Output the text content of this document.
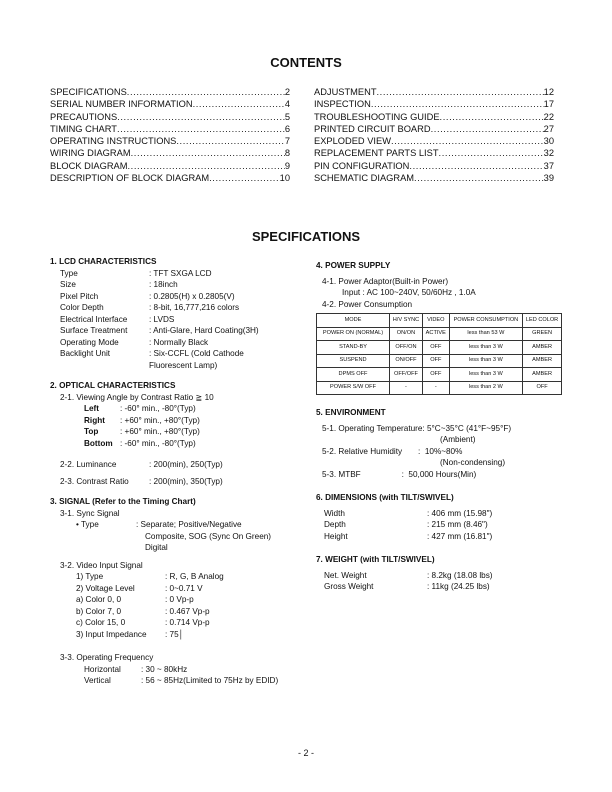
CONTENTS
SPECIFICATIONS .....	2
SERIAL NUMBER INFORMATION .....	4
PRECAUTIONS .....	5
TIMING CHART .....	6
OPERATING INSTRUCTIONS .....	7
WIRING DIAGRAM .....	8
BLOCK DIAGRAM .....	9
DESCRIPTION OF BLOCK DIAGRAM .....	10
ADJUSTMENT .....	12
INSPECTION .....	17
TROUBLESHOOTING GUIDE .....	22
PRINTED CIRCUIT BOARD .....	27
EXPLODED VIEW .....	30
REPLACEMENT PARTS LIST .....	32
PIN CONFIGURATION .....	37
SCHEMATIC DIAGRAM .....	39
SPECIFICATIONS
1. LCD CHARACTERISTICS
Type	: TFT SXGA LCD
Size	: 18inch
Pixel Pitch	: 0.2805(H) x 0.2805(V)
Color Depth	: 8-bit, 16,777,216 colors
Electrical Interface	: LVDS
Surface Treatment	: Anti-Glare, Hard Coating(3H)
Operating Mode	: Normally Black
Backlight Unit	: Six-CCFL (Cold Cathode
Fluorescent Lamp)
2. OPTICAL CHARACTERISTICS
2-1. Viewing Angle by Contrast Ratio ≧ 10
Left	: -60° min., -80°(Typ)
Right : +60° min., +80°(Typ)
Top	: +60° min., +80°(Typ)
Bottom : -60° min., -80°(Typ)
2-2. Luminance	: 200(min), 250(Typ)
2-3. Contrast Ratio : 200(min), 350(Typ)
3. SIGNAL (Refer to the Timing Chart)
3-1. Sync Signal
• Type	: Separate; Positive/Negative
Composite, SOG (Sync On Green)
Digital
3-2. Video Input Signal
1) Type	: R, G, B Analog
2) Voltage Level	: 0~0.71 V
a) Color 0, 0	: 0 Vp-p
b) Color 7, 0	: 0.467 Vp-p
c) Color 15, 0	: 0.714 Vp-p
3) Input Impedance : 75│
3-3. Operating Frequency
Horizontal : 30 ~ 80kHz
Vertical	: 56 ~ 85Hz(Limited to 75Hz by EDID)
4. POWER SUPPLY
4-1. Power Adaptor(Built-in Power)
Input : AC 100~240V, 50/60Hz , 1.0A
4-2. Power Consumption
MODE	H/V SYNC	VIDEO	POWER CONSUMPTION	LED COLOR
POWER ON (NORMAL)	ON/ON	ACTIVE	less than 53 W	GREEN
STAND-BY	OFF/ON	OFF	less than 3 W	AMBER
SUSPEND	ON/OFF	OFF	less than 3 W	AMBER
DPMS OFF	OFF/OFF	OFF	less than 3 W	AMBER
POWER S/W OFF	-	-	less than 2 W	OFF
5. ENVIRONMENT
5-1. Operating Temperature: 5°C~35°C (41°F~95°F)
(Ambient)
5-2. Relative Humidity       :  10%~80%
(Non-condensing)
5-3. MTBF                  :  50,000 Hours(Min)
6. DIMENSIONS (with TILT/SWIVEL)
Width	: 406 mm (15.98")
Depth	: 215 mm (8.46")
Height	: 427 mm (16.81")
7. WEIGHT (with TILT/SWIVEL)
Net. Weight	: 8.2kg (18.08 lbs)
Gross Weight	: 11kg (24.25 lbs)
- 2 -
